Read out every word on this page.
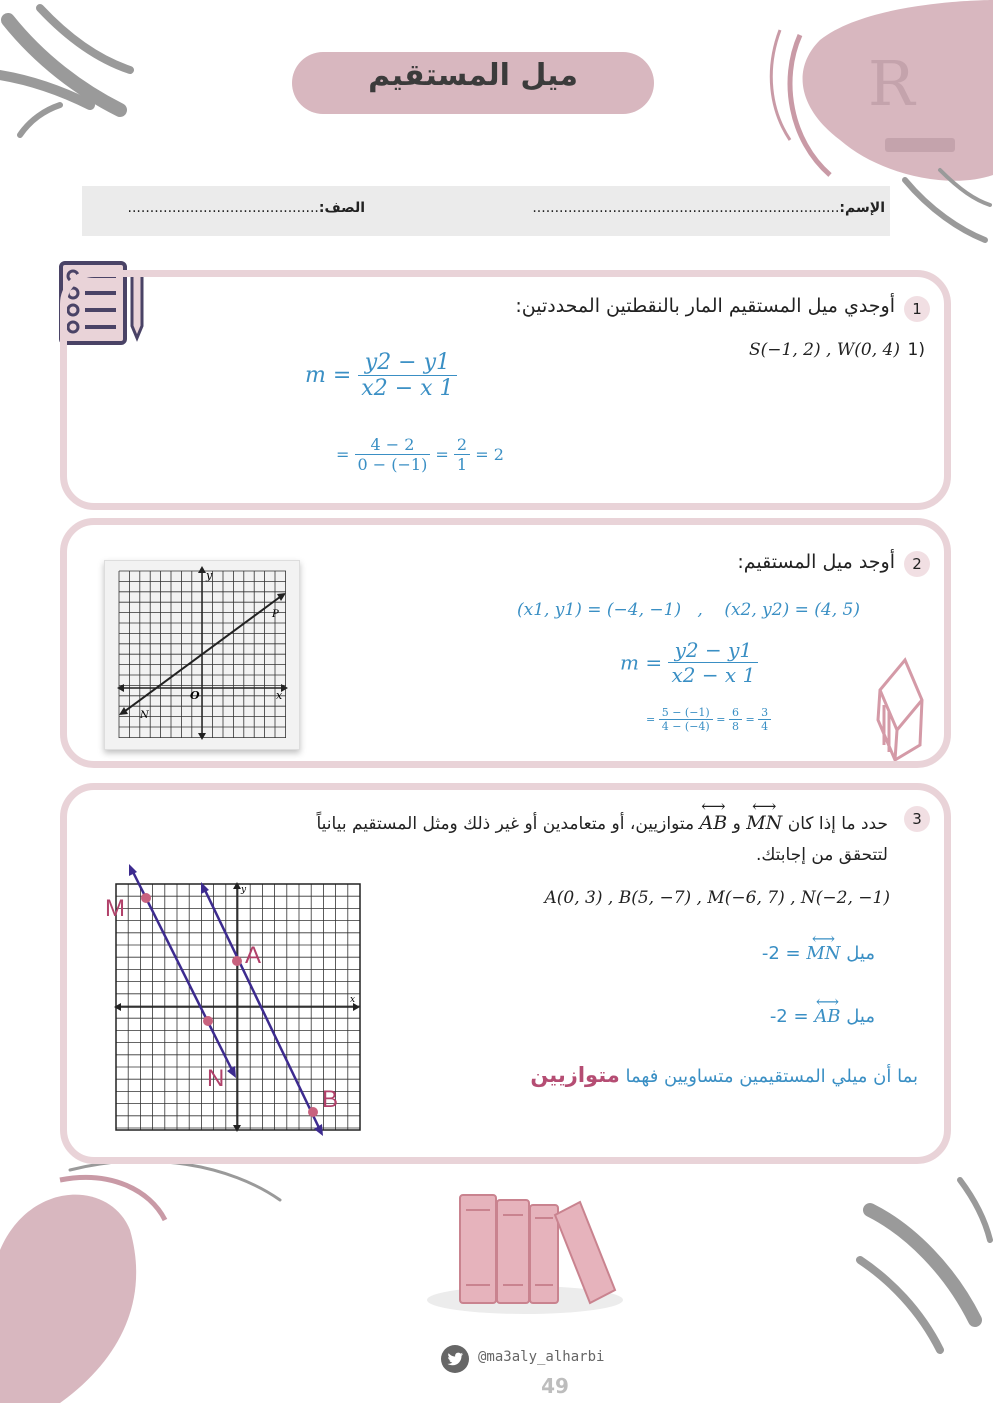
R
ميل المستقيم
الإسم:.....................................................................
الصف:...........................................
1
أوجدي ميل المستقيم المار بالنقطتين المحددتين:
(1
S(−1, 2) , W(0, 4)
$m = \frac{y2 - y1}{x2 - x 1}$
= $\frac{4 - 2}{0 - (-1)} = \frac{2}{1} = 2$
2
أوجد ميل المستقيم:
(x1, y1) = (−4, −1)   ,    (x2, y2) = (4, 5)
$m = \frac{y2 - y1}{x2 - x 1}$
= $\frac{5 - (-1)}{4 - (-4)} = \frac{6}{8} = \frac{3}{4}$
y
x
O
P
N
3
حدد ما إذا كان ⟷ MN و ⟷ AB متوازيين، أو متعامدين أو غير ذلك ومثل المستقيم بيانياً
لتتحقق من إجابتك.
A(0, 3) , B(5, −7) , M(−6, 7) , N(−2, −1)
-2 = ⟷ MN ميل
-2 = ⟷ AB ميل
بما أن ميلي المستقيمين متساويين فهما متوازيين
x
y
M
A
N
B
@ma3aly_alharbi
49
